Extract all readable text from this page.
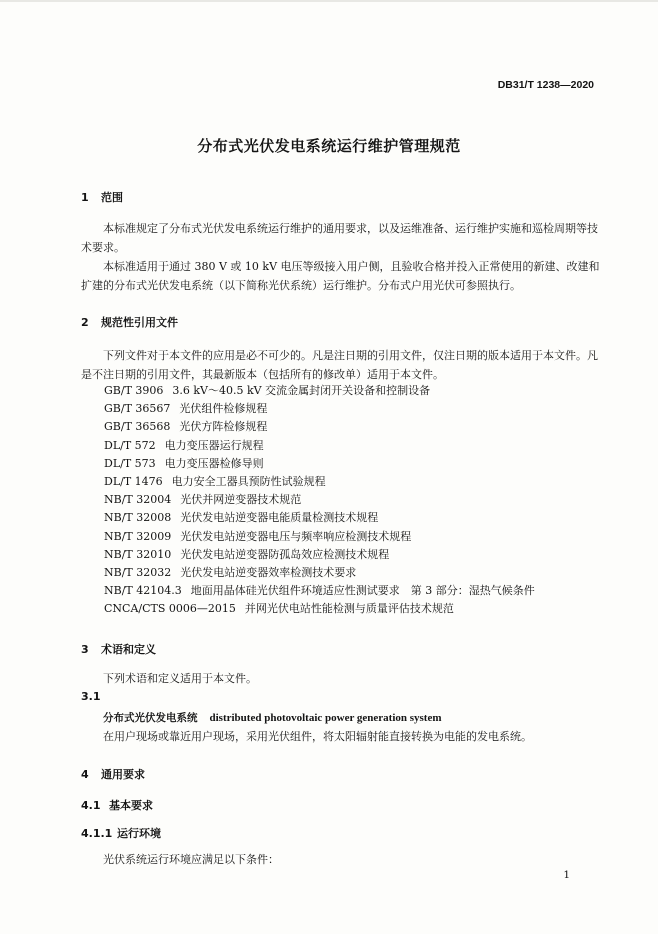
DB31/T 1238—2020
分布式光伏发电系统运行维护管理规范
1 范围
本标准规定了分布式光伏发电系统运行维护的通用要求，以及运维准备、运行维护实施和巡检周期等技术要求。
本标准适用于通过 380 V 或 10 kV 电压等级接入用户侧，且验收合格并投入正常使用的新建、改建和扩建的分布式光伏发电系统（以下简称光伏系统）运行维护。分布式户用光伏可参照执行。
2 规范性引用文件
下列文件对于本文件的应用是必不可少的。凡是注日期的引用文件，仅注日期的版本适用于本文件。凡是不注日期的引用文件，其最新版本（包括所有的修改单）适用于本文件。
GB/T 3906 3.6 kV～40.5 kV 交流金属封闭开关设备和控制设备
GB/T 36567 光伏组件检修规程
GB/T 36568 光伏方阵检修规程
DL/T 572 电力变压器运行规程
DL/T 573 电力变压器检修导则
DL/T 1476 电力安全工器具预防性试验规程
NB/T 32004 光伏并网逆变器技术规范
NB/T 32008 光伏发电站逆变器电能质量检测技术规程
NB/T 32009 光伏发电站逆变器电压与频率响应检测技术规程
NB/T 32010 光伏发电站逆变器防孤岛效应检测技术规程
NB/T 32032 光伏发电站逆变器效率检测技术要求
NB/T 42104.3 地面用晶体硅光伏组件环境适应性测试要求　第 3 部分：湿热气候条件
CNCA/CTS 0006—2015 并网光伏电站性能检测与质量评估技术规范
3 术语和定义
下列术语和定义适用于本文件。
3.1
分布式光伏发电系统 distributed photovoltaic power generation system
在用户现场或靠近用户现场，采用光伏组件，将太阳辐射能直接转换为电能的发电系统。
4 通用要求
4.1 基本要求
4.1.1 运行环境
光伏系统运行环境应满足以下条件：
1
